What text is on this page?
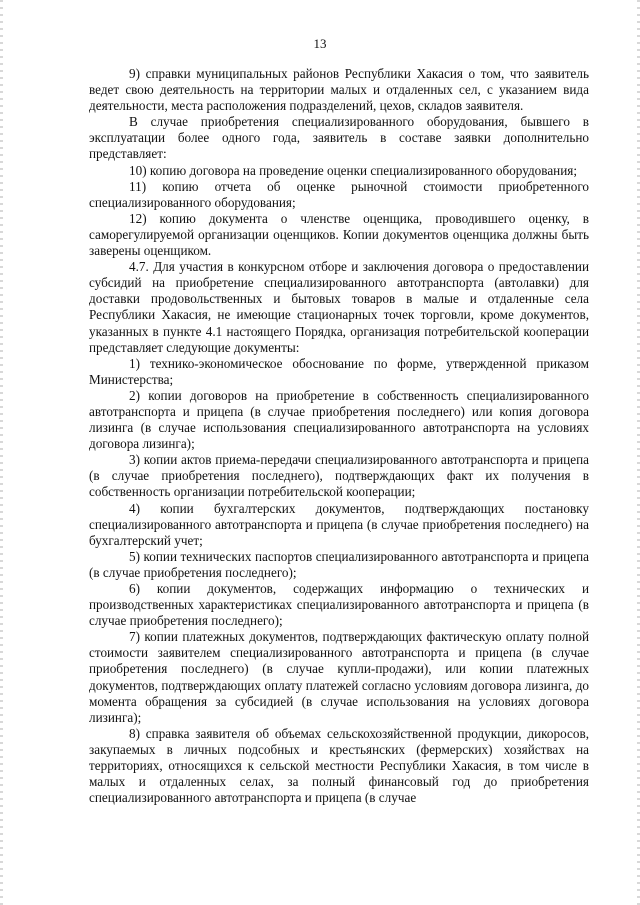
13

9) справки муниципальных районов Республики Хакасия о том, что заявитель ведет свою деятельность на территории малых и отдаленных сел, с указанием вида деятельности, места расположения подразделений, цехов, складов заявителя.

В случае приобретения специализированного оборудования, бывшего в эксплуатации более одного года, заявитель в составе заявки дополнительно представляет:

10) копию договора на проведение оценки специализированного оборудования;

11) копию отчета об оценке рыночной стоимости приобретенного специализированного оборудования;

12) копию документа о членстве оценщика, проводившего оценку, в саморегулируемой организации оценщиков. Копии документов оценщика должны быть заверены оценщиком.

4.7. Для участия в конкурсном отборе и заключения договора о предоставлении субсидий на приобретение специализированного автотранспорта (автолавки) для доставки продовольственных и бытовых товаров в малые и отдаленные села Республики Хакасия, не имеющие стационарных точек торговли, кроме документов, указанных в пункте 4.1 настоящего Порядка, организация потребительской кооперации представляет следующие документы:

1) технико-экономическое обоснование по форме, утвержденной приказом Министерства;

2) копии договоров на приобретение в собственность специализированного автотранспорта и прицепа (в случае приобретения последнего) или копия договора лизинга (в случае использования специализированного автотранспорта на условиях договора лизинга);

3) копии актов приема-передачи специализированного автотранспорта и прицепа (в случае приобретения последнего), подтверждающих факт их получения в собственность организации потребительской кооперации;

4) копии бухгалтерских документов, подтверждающих постановку специализированного автотранспорта и прицепа (в случае приобретения последнего) на бухгалтерский учет;

5) копии технических паспортов специализированного автотранспорта и прицепа (в случае приобретения последнего);

6) копии документов, содержащих информацию о технических и производственных характеристиках специализированного автотранспорта и прицепа (в случае приобретения последнего);

7) копии платежных документов, подтверждающих фактическую оплату полной стоимости заявителем специализированного автотранспорта и прицепа (в случае приобретения последнего) (в случае купли-продажи), или копии платежных документов, подтверждающих оплату платежей согласно условиям договора лизинга, до момента обращения за субсидией (в случае использования на условиях договора лизинга);

8) справка заявителя об объемах сельскохозяйственной продукции, дикоросов, закупаемых в личных подсобных и крестьянских (фермерских) хозяйствах на территориях, относящихся к сельской местности Республики Хакасия, в том числе в малых и отдаленных селах, за полный финансовый год до приобретения специализированного автотранспорта и прицепа (в случае
